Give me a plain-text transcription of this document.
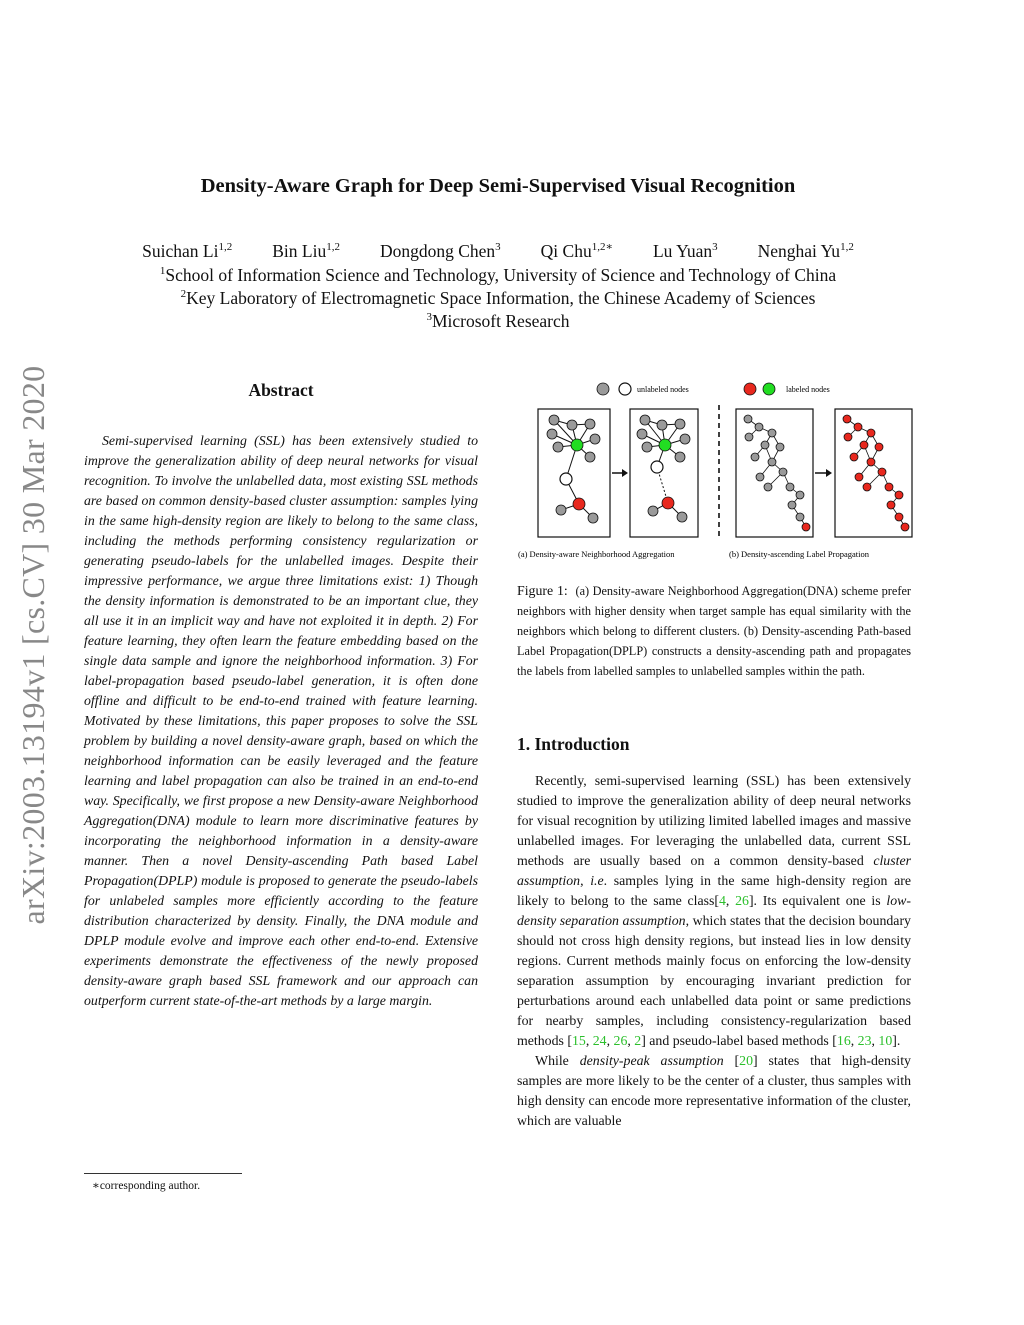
arXiv:2003.13194v1 [cs.CV] 30 Mar 2020
Density-Aware Graph for Deep Semi-Supervised Visual Recognition
Suichan Li$^{1,2}$ Bin Liu$^{1,2}$ Dongdong Chen$^3$ Qi Chu$^{1,2∗}$ Lu Yuan$^3$ Nenghai Yu$^{1,2}$
$^1$School of Information Science and Technology, University of Science and Technology of China
$^2$Key Laboratory of Electromagnetic Space Information, the Chinese Academy of Sciences
$^3$Microsoft Research
Abstract

Semi-supervised learning (SSL) has been extensively studied to improve the generalization ability of deep neural networks for visual recognition. To involve the unlabelled data, most existing SSL methods are based on common density-based cluster assumption: samples lying in the same high-density region are likely to belong to the same class, including the methods performing consistency regularization or generating pseudo-labels for the unlabelled images. Despite their impressive performance, we argue three limitations exist: 1) Though the density information is demonstrated to be an important clue, they all use it in an implicit way and have not exploited it in depth. 2) For feature learning, they often learn the feature embedding based on the single data sample and ignore the neighborhood information. 3) For label-propagation based pseudo-label generation, it is often done offline and difficult to be end-to-end trained with feature learning. Motivated by these limitations, this paper proposes to solve the SSL problem by building a novel density-aware graph, based on which the neighborhood information can be easily leveraged and the feature learning and label propagation can also be trained in an end-to-end way. Specifically, we first propose a new Density-aware Neighborhood Aggregation(DNA) module to learn more discriminative features by incorporating the neighborhood information in a density-aware manner. Then a novel Density-ascending Path based Label Propagation(DPLP) module is proposed to generate the pseudo-labels for unlabeled samples more efficiently according to the feature distribution characterized by density. Finally, the DNA module and DPLP module evolve and improve each other end-to-end. Extensive experiments demonstrate the effectiveness of the newly proposed density-aware graph based SSL framework and our approach can outperform current state-of-the-art methods by a large margin.

∗corresponding author.
unlabeled nodes	labeled nodes
(a) Density-aware Neighborhood Aggregation	(b) Density-ascending Label Propagation
Figure 1: (a) Density-aware Neighborhood Aggregation(DNA) scheme prefer neighbors with higher density when target sample has equal similarity with the neighbors which belong to different clusters. (b) Density-ascending Path-based Label Propagation(DPLP) constructs a density-ascending path and propagates the labels from labelled samples to unlabelled samples within the path.
1. Introduction

Recently, semi-supervised learning (SSL) has been extensively studied to improve the generalization ability of deep neural networks for visual recognition by utilizing limited labelled images and massive unlabelled images. For leveraging the unlabelled data, current SSL methods are usually based on a common density-based cluster assumption, i.e. samples lying in the same high-density region are likely to belong to the same class[4, 26]. Its equivalent one is low-density separation assumption, which states that the decision boundary should not cross high density regions, but instead lies in low density regions. Current methods mainly focus on enforcing the low-density separation assumption by encouraging invariant prediction for perturbations around each unlabelled data point or same predictions for nearby samples, including consistency-regularization based methods [15, 24, 26, 2] and pseudo-label based methods [16, 23, 10].

While density-peak assumption [20] states that high-density samples are more likely to be the center of a cluster, thus samples with high density can encode more representative information of the cluster, which are valuable
